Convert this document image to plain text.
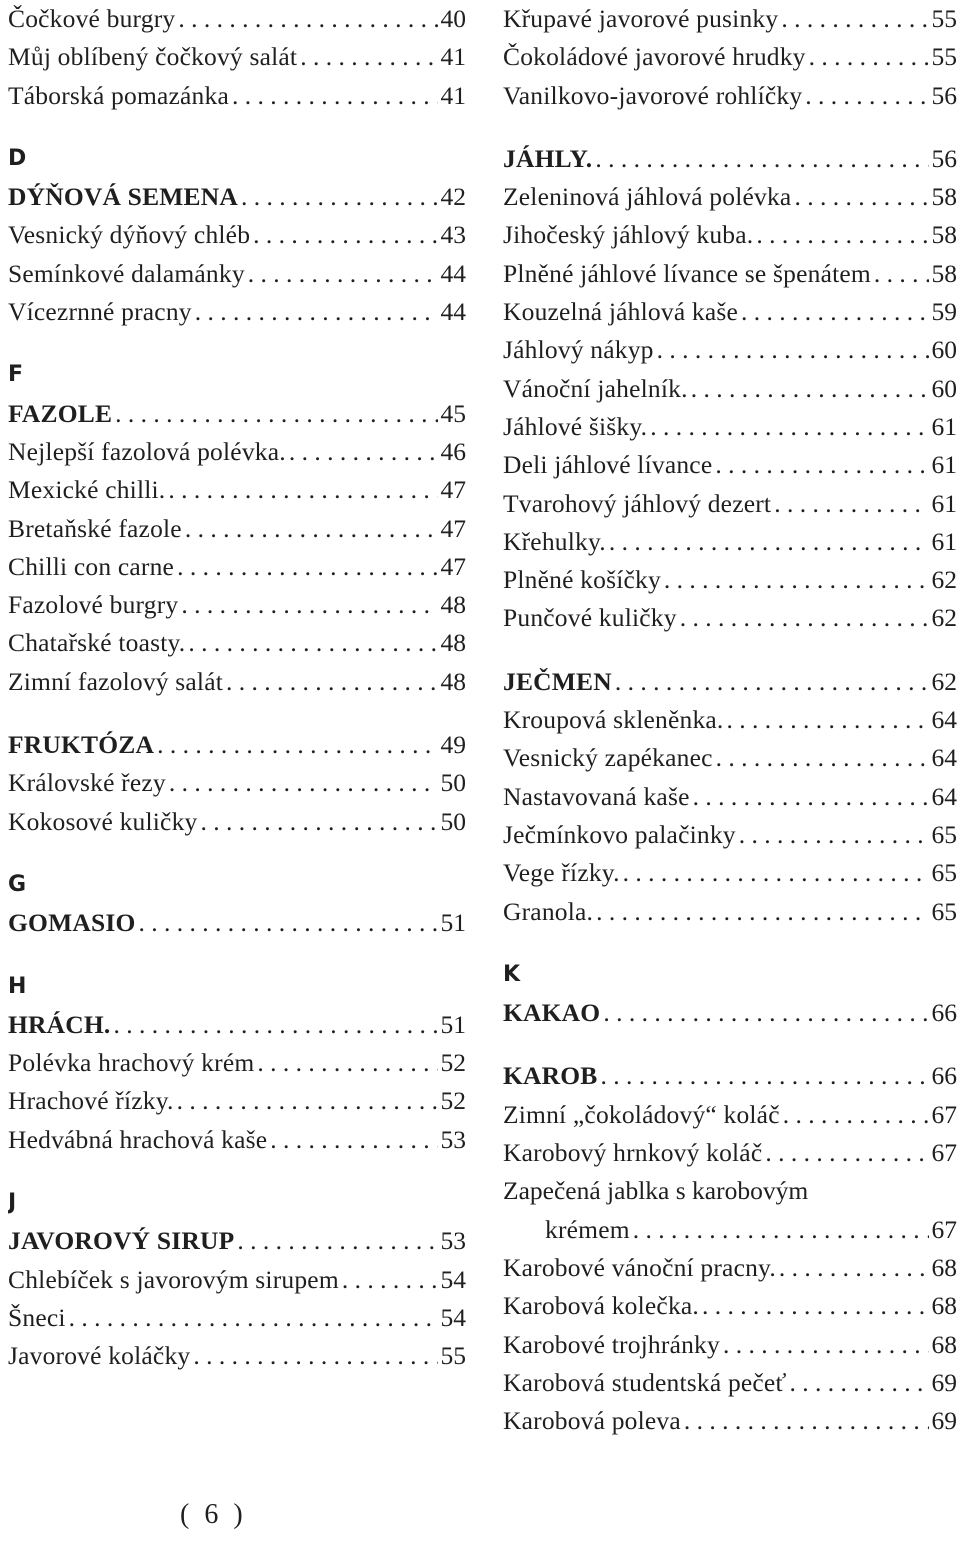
Čočkové burgry . . .	40
Můj oblíbený čočkový salát . . .	41
Táborská pomazánka . . .	41
D
DÝŇOVÁ SEMENA . . .	42
Vesnický dýňový chléb . . .	43
Semínkové dalamánky . . .	44
Vícezrnné pracny . . .	44
F
FAZOLE . . .	45
Nejlepší fazolová polévka. . . .	46
Mexické chilli. . . .	47
Bretaňské fazole . . .	47
Chilli con carne . . .	47
Fazolové burgry . . .	48
Chatařské toasty. . . .	48
Zimní fazolový salát . . .	48
FRUKTÓZA . . .	49
Královské řezy . . .	50
Kokosové kuličky . . .	50
G
GOMASIO . . .	51
H
HRÁCH. . . .	51
Polévka hrachový krém . . .	52
Hrachové řízky. . . .	52
Hedvábná hrachová kaše . . .	53
J
JAVOROVÝ SIRUP . . .	53
Chlebíček s javorovým sirupem . . .	54
Šneci . . .	54
Javorové koláčky . . .	55
Křupavé javorové pusinky . . .	55
Čokoládové javorové hrudky . . .	55
Vanilkovo-javorové rohlíčky . . .	56
JÁHLY. . . .	56
Zeleninová jáhlová polévka . . .	58
Jihočeský jáhlový kuba. . . .	58
Plněné jáhlové lívance se špenátem . . . 58
Kouzelná jáhlová kaše . . .	59
Jáhlový nákyp . . .	60
Vánoční jahelník. . . .	60
Jáhlové šišky. . . .	61
Deli jáhlové lívance . . .	61
Tvarohový jáhlový dezert . . .	61
Křehulky. . . .	61
Plněné košíčky . . .	62
Punčové kuličky . . .	62
JEČMEN . . .	62
Kroupová skleněnka. . . .	64
Vesnický zapékanec . . .	64
Nastavovaná kaše . . .	64
Ječmínkovo palačinky . . .	65
Vege řízky. . . .	65
Granola. . . .	65
K
KAKAO . . .	66
KAROB . . .	66
Zimní „čokoládový“ koláč . . .	67
Karobový hrnkový koláč . . .	67
Zapečená jablka s karobovým
krémem . . .	67
Karobové vánoční pracny. . . .	68
Karobová kolečka. . . .	68
Karobové trojhránky . . .	68
Karobová studentská pečeť . . .	69
Karobová poleva . . .	69
( 6 )
